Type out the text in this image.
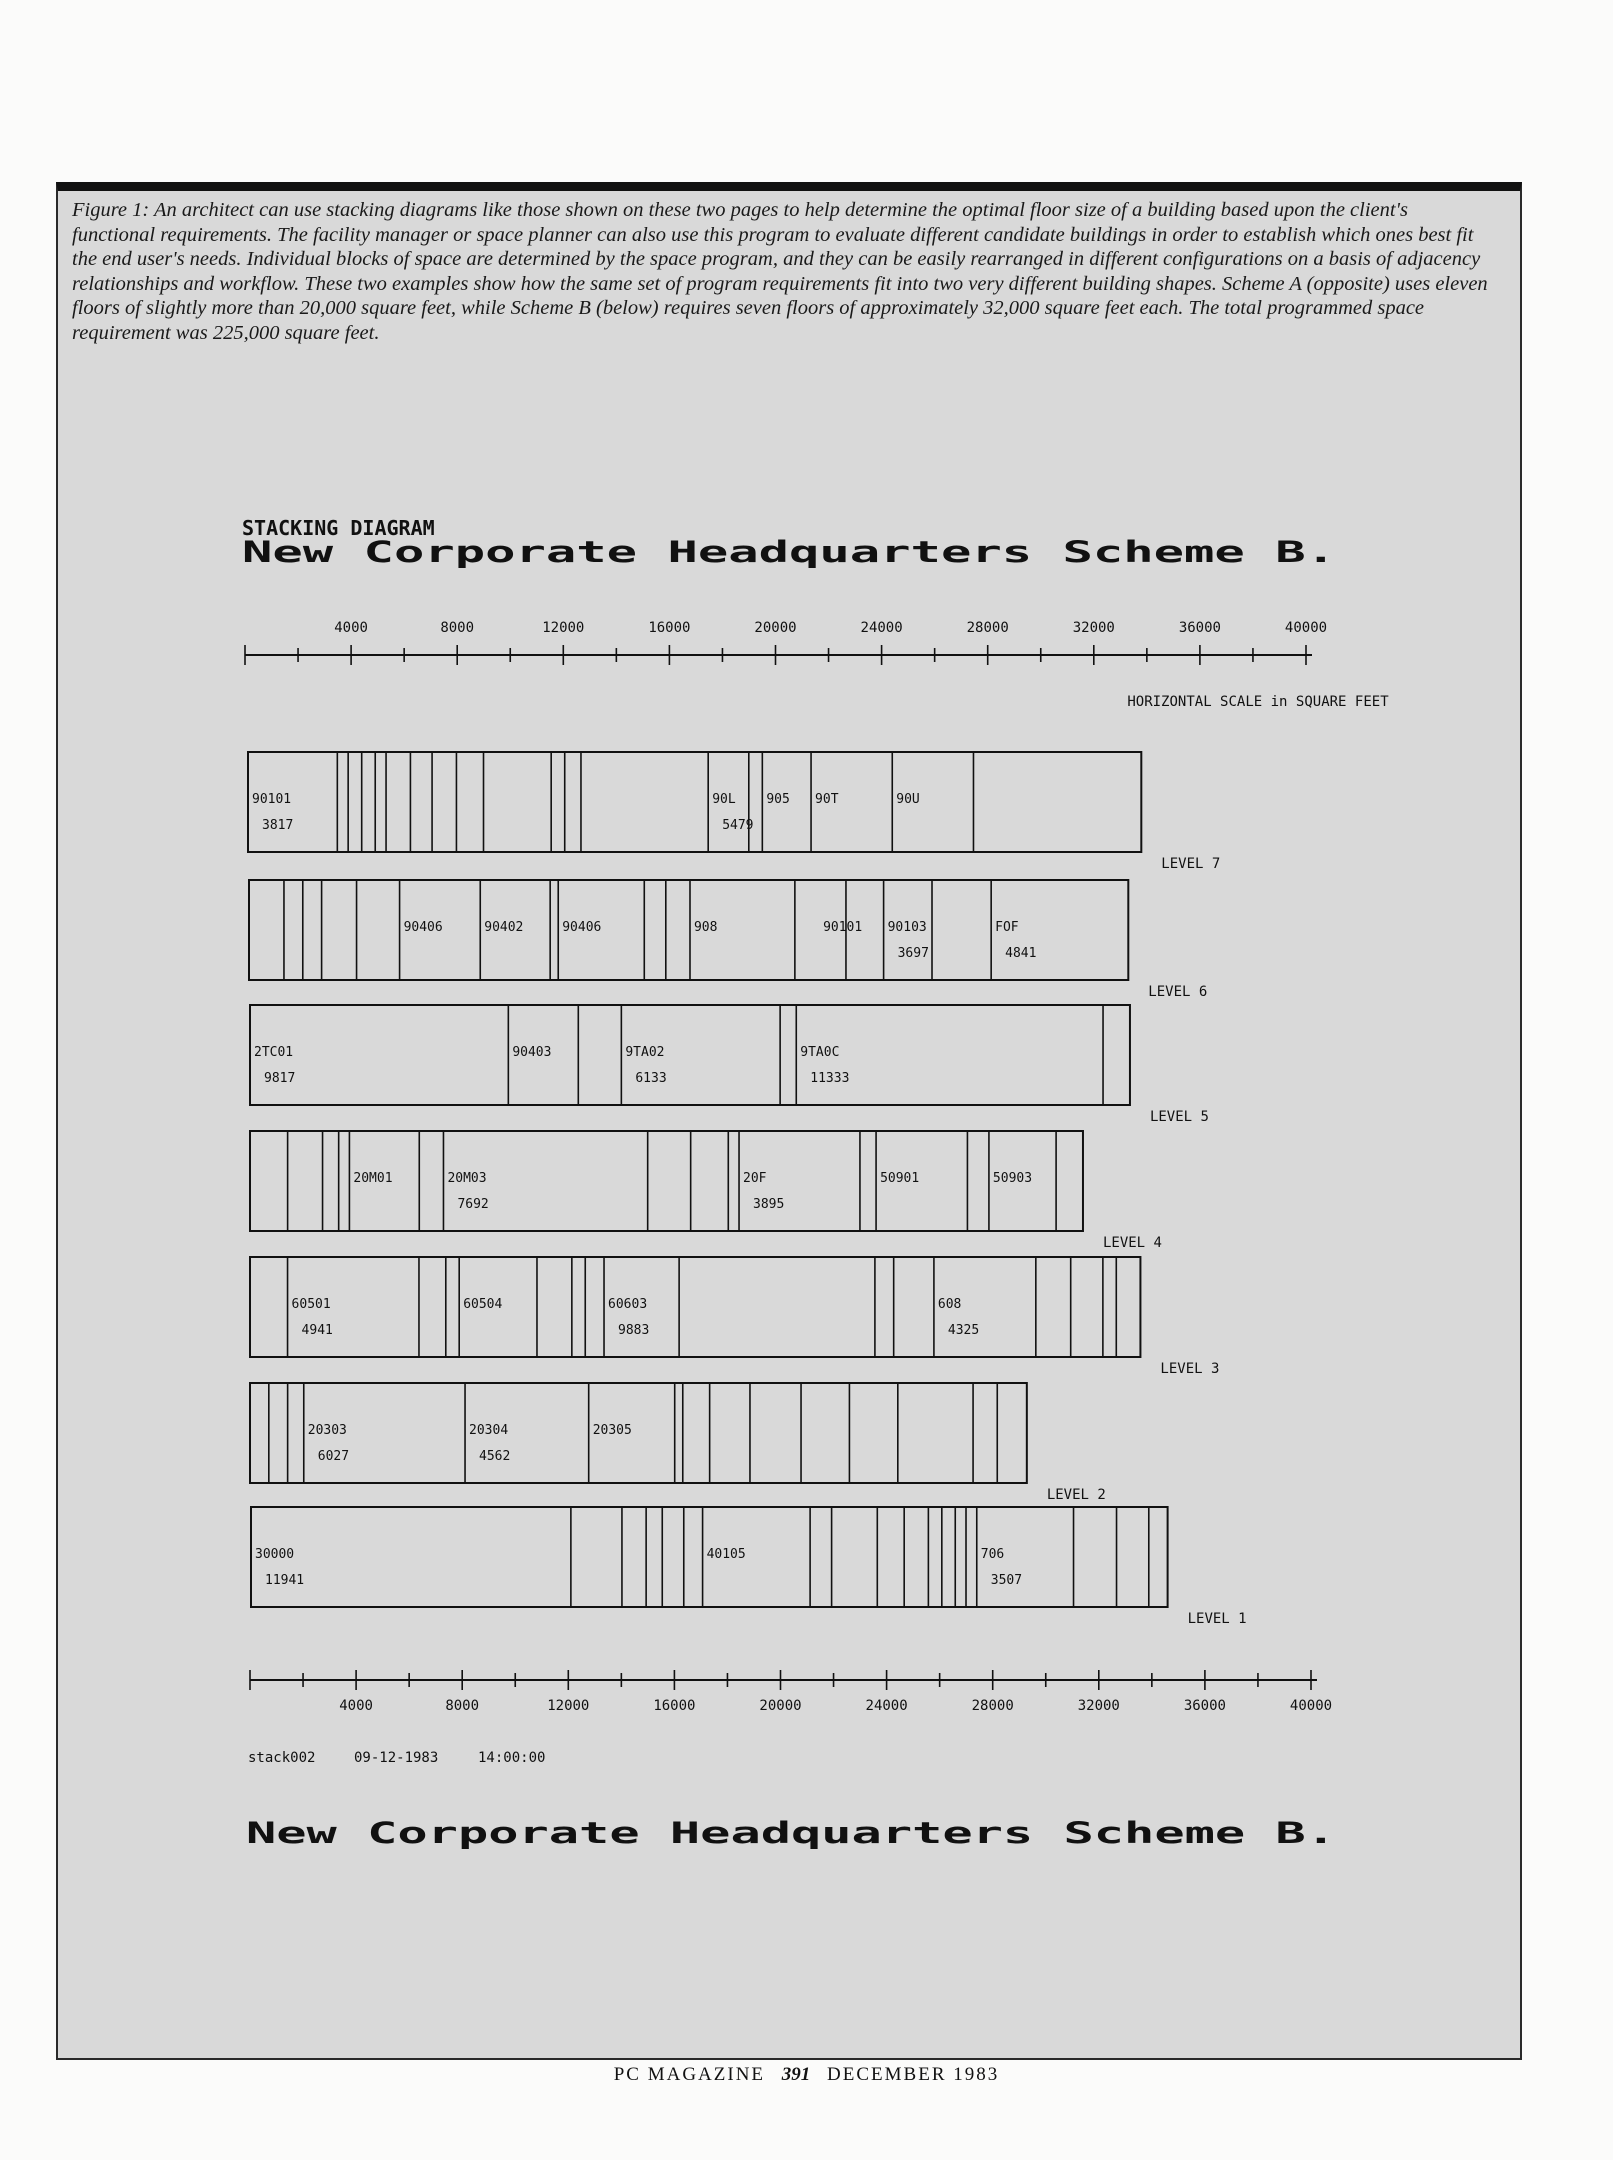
Figure 1: An architect can use stacking diagrams like those shown on these two pages to help determine the optimal floor size of a building based upon the client's functional requirements. The facility manager or space planner can also use this program to evaluate different candidate buildings in order to establish which ones best fit the end user's needs. Individual blocks of space are determined by the space program, and they can be easily rearranged in different configurations on a basis of adjacency relationships and workflow. These two examples show how the same set of program requirements fit into two very different building shapes. Scheme A (opposite) uses eleven floors of slightly more than 20,000 square feet, while Scheme B (below) requires seven floors of approximately 32,000 square feet each. The total programmed space requirement was 225,000 square feet.

STACKING DIAGRAM
New Corporate Headquarters Scheme B.
4000	8000	12000	16000	20000	24000	28000	32000	36000	40000
HORIZONTAL SCALE in SQUARE FEET
90101
3817
90L
5479
905 90T	90U
LEVEL 7
90406	90402	90406	908	90101 90103
3697
FOF
4841
LEVEL 6
2TC01
9817
90403	9TA02
6133
9TA0C
11333
LEVEL 5
20M01	20M03
7692
20F
3895
50901	50903
LEVEL 4
60501
4941
60504	60603
9883
608
4325
LEVEL 3
20303
6027
20304
4562
20305
LEVEL 2
30000
11941
40105	706
3507
LEVEL 1
4000	8000	12000	16000	20000	24000	28000	32000	36000	40000
stack002	09-12-1983	14:00:00
New Corporate Headquarters Scheme B.
PC MAGAZINE 391 DECEMBER 1983
